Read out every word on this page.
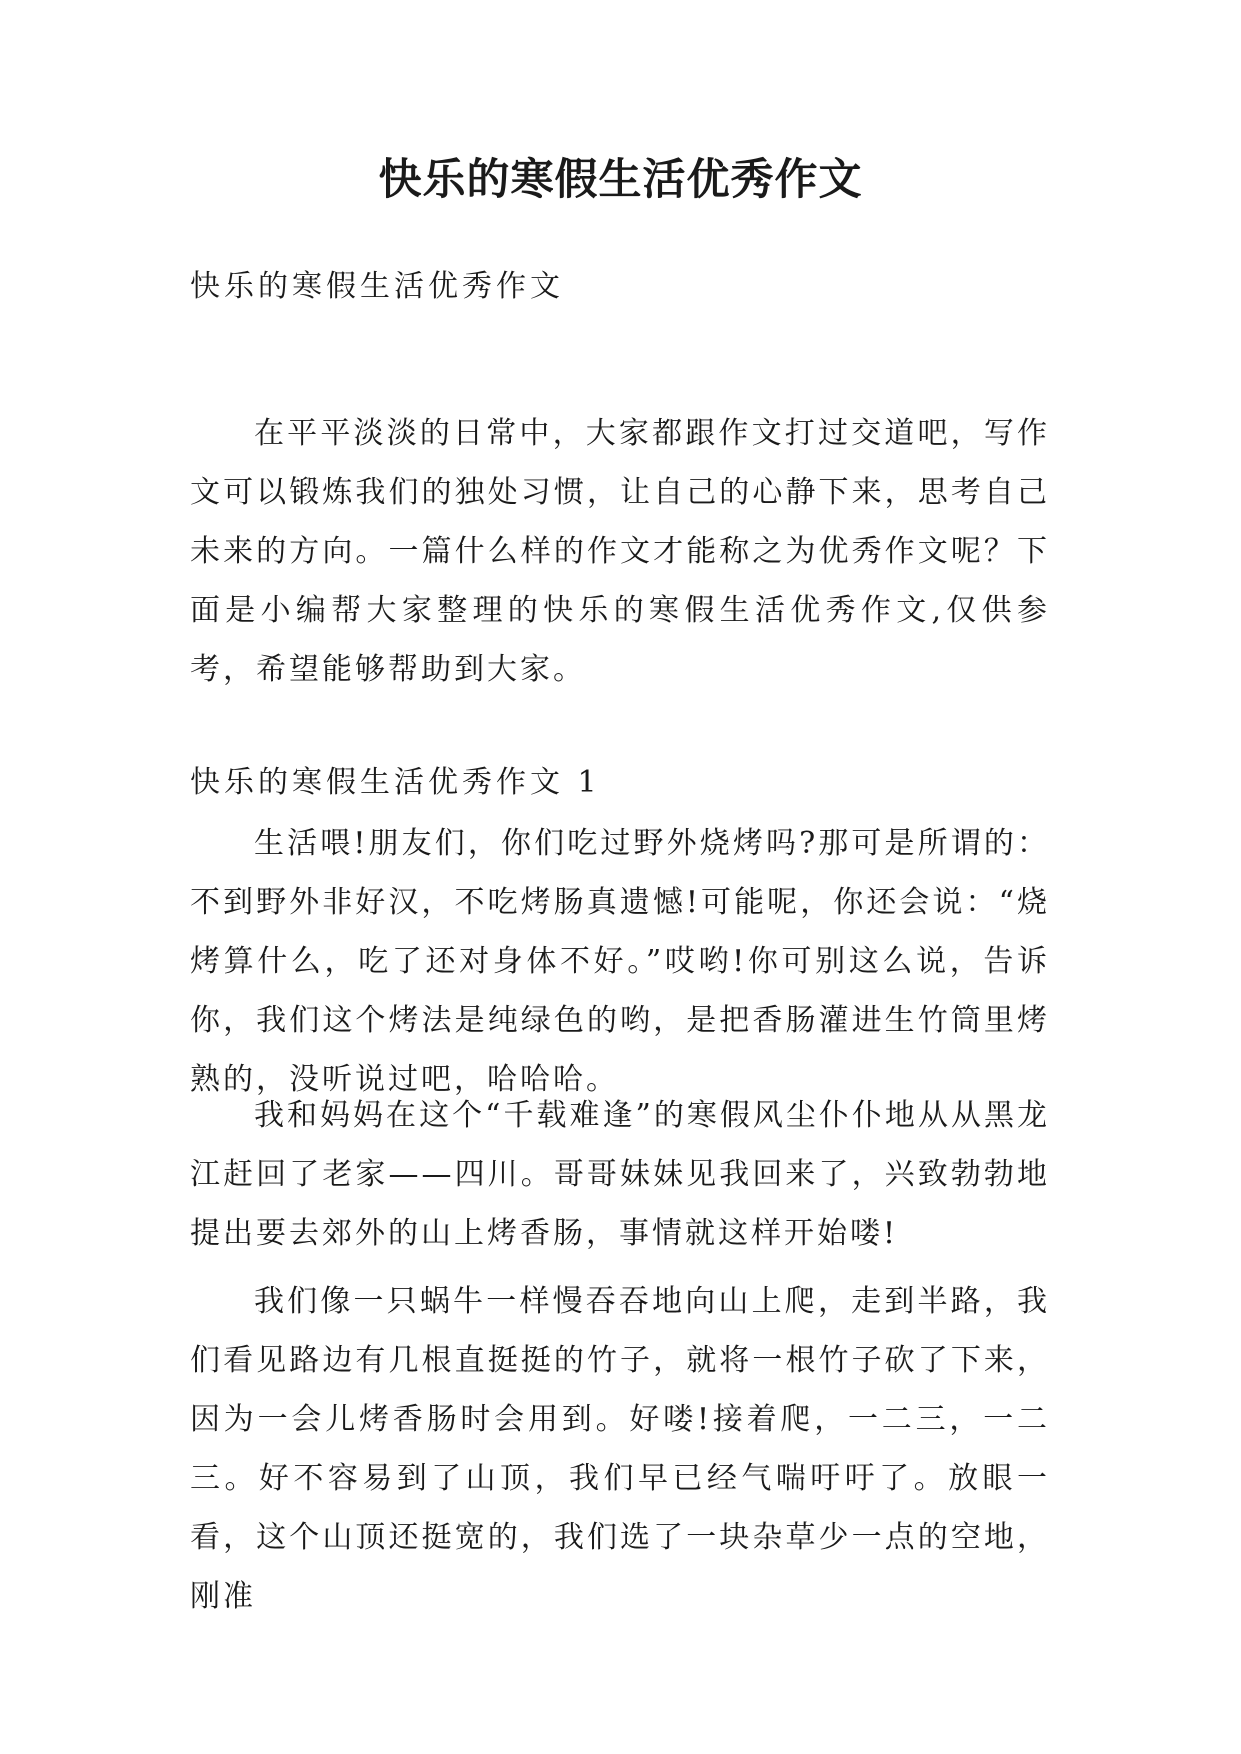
快乐的寒假生活优秀作文
快乐的寒假生活优秀作文

在平平淡淡的日常中，大家都跟作文打过交道吧，写作文可以锻炼我们的独处习惯，让自己的心静下来，思考自己未来的方向。一篇什么样的作文才能称之为优秀作文呢？下面是小编帮大家整理的快乐的寒假生活优秀作文,仅供参考，希望能够帮助到大家。

快乐的寒假生活优秀作文 1

生活喂!朋友们，你们吃过野外烧烤吗?那可是所谓的：不到野外非好汉，不吃烤肠真遗憾!可能呢，你还会说：“烧烤算什么，吃了还对身体不好。”哎哟!你可别这么说，告诉你，我们这个烤法是纯绿色的哟，是把香肠灌进生竹筒里烤熟的，没听说过吧，哈哈哈。

我和妈妈在这个“千载难逢”的寒假风尘仆仆地从从黑龙江赶回了老家——四川。哥哥妹妹见我回来了，兴致勃勃地提出要去郊外的山上烤香肠，事情就这样开始喽!

我们像一只蜗牛一样慢吞吞地向山上爬，走到半路，我们看见路边有几根直挺挺的竹子，就将一根竹子砍了下来，因为一会儿烤香肠时会用到。好喽!接着爬，一二三，一二三。好不容易到了山顶，我们早已经气喘吁吁了。放眼一看，这个山顶还挺宽的，我们选了一块杂草少一点的空地，刚准
